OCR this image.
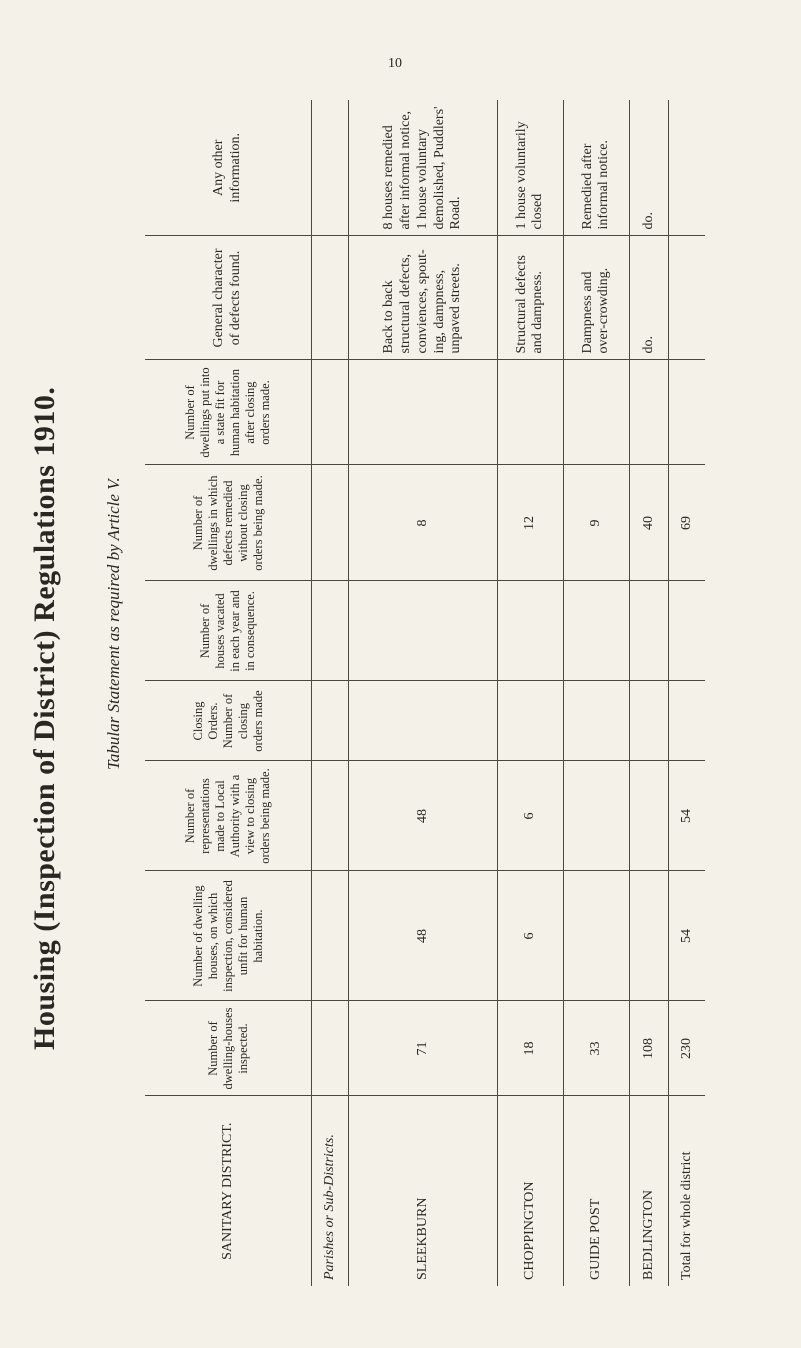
10
Housing (Inspection of District) Regulations 1910.	Tabular Statement as required by Article V.
SANITARY DISTRICT.	Number of dwelling-houses inspected.	Number of dwelling houses, on which inspection, considered unfit for human habitation.	Number of representations made to Local Authority with a view to closing orders being made.	Closing Orders. Number of closing orders made	Number of houses vacated in each year and in consequence.	Number of dwellings in which defects remedied without closing orders being made.	Number of dwellings put into a state fit for human habitation after closing orders made.	General character of defects found.	Any other information.
Parishes or Sub-Districts.									
SLEEKBURN	71	48	48			8		Back to back structural defects, conviences, spout-ing, dampness, unpaved streets.	8 houses remedied after informal notice, 1 house voluntary demolished, Puddlers' Road.
CHOPPINGTON	18	6	6			12		Structural defects and dampness.	1 house voluntarily closed
GUIDE POST	33					9		Dampness and over-crowding.	Remedied after informal notice.
BEDLINGTON	108					40		do.	do.
Total for whole district	230	54	54			69			
